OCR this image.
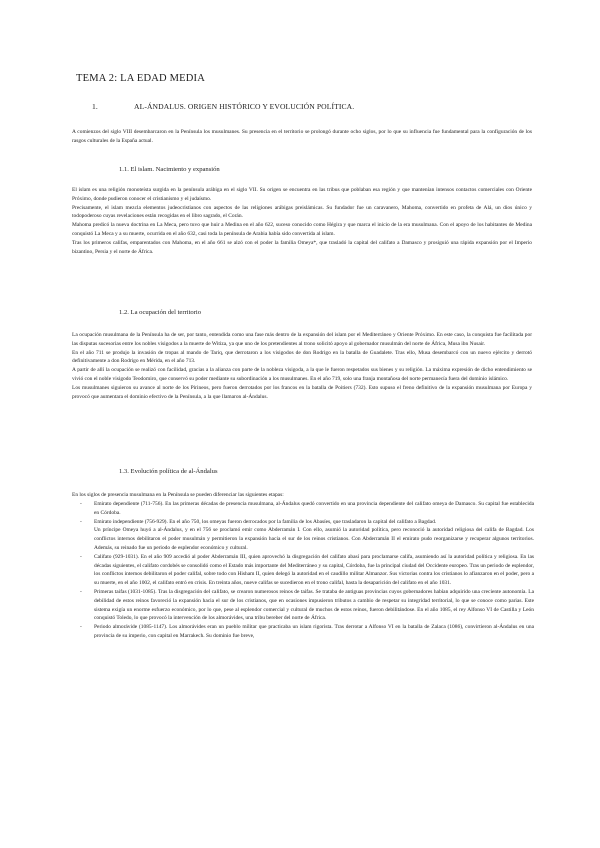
TEMA 2: LA EDAD MEDIA
1.	AL-ÁNDALUS. ORIGEN HISTÓRICO Y EVOLUCIÓN POLÍTICA.

A comienzos del siglo VIII desembarcaron en la Península los musulmanes. Su presencia en el territorio se prolongó durante ocho siglos, por lo que su influencia fue fundamental para la configuración de los rasgos culturales de la España actual.

1.1. El islam. Nacimiento y expansión

El islam es una religión monoteísta surgida en la península arábiga en el siglo VII. Su origen se encuentra en las tribus que poblaban esa región y que mantenían intensos contactos comerciales con Oriente Próximo, donde pudieron conocer el cristianismo y el judaísmo.

Precisamente, el islam mezcla elementos judeocristianos con aspectos de las religiones arábigas preislámicas. Su fundador fue un caravanero, Mahoma, convertido en profeta de Alá, un dios único y todopoderoso cuyas revelaciones están recogidas en el libro sagrado, el Corán.

Mahoma predicó la nueva doctrina en La Meca, pero tuvo que huir a Medina en el año 622, suceso conocido como Hégira y que marca el inicio de la era musulmana. Con el apoyo de los habitantes de Medina conquistó La Meca y a su muerte, ocurrida en el año 632, casi toda la península de Arabia había sido convertida al islam.

Tras los primeros califas, emparentados con Mahoma, en el año 661 se alzó con el poder la familia Omeya*, que trasladó la capital del califato a Damasco y prosiguió una rápida expansión por el Imperio bizantino, Persia y el norte de África.

1.2. La ocupación del territorio

La ocupación musulmana de la Península ha de ser, por tanto, entendida como una fase más dentro de la expansión del islam por el Mediterráneo y Oriente Próximo. En este caso, la conquista fue facilitada por las disputas sucesorias entre los nobles visigodos a la muerte de Witiza, ya que uno de los pretendientes al trono solicitó apoyo al gobernador musulmán del norte de África, Musa ibn Nusair.

En el año 711 se produjo la invasión de tropas al mando de Tariq, que derrotaron a los visigodos de don Rodrigo en la batalla de Guadalete. Tras ello, Musa desembarcó con un nuevo ejército y derrotó definitivamente a don Rodrigo en Mérida, en el año 713.

A partir de allí la ocupación se realizó con facilidad, gracias a la alianza con parte de la nobleza visigoda, a la que le fueron respetados sus bienes y su religión. La máxima expresión de dicho entendimiento se vivió con el noble visigodo Teodomiro, que conservó su poder mediante su subordinación a los musulmanes. En el año 719, solo una franja montañosa del norte permanecía fuera del dominio islámico.

Los musulmanes siguieron su avance al norte de los Pirineos, pero fueron derrotados por los francos en la batalla de Poitiers (732). Esto supuso el freno definitivo de la expansión musulmana por Europa y provocó que aumentara el dominio efectivo de la Península, a la que llamaron al-Ándalus.

1.3. Evolución política de al-Ándalus

En los siglos de presencia musulmana en la Península se pueden diferenciar las siguientes etapas:

- Emirato dependiente (711-756). En las primeras décadas de presencia musulmana, al-Ándalus quedó convertido en una provincia dependiente del califato omeya de Damasco. Su capital fue establecida en Córdoba.

- Emirato independiente (756-929). En el año 750, los omeyas fueron derrocados por la familia de los Abasíes, que trasladaron la capital del califato a Bagdad.

Un príncipe Omeya huyó a al-Ándalus, y en el 756 se proclamó emir como Abderramán I. Con ello, asumió la autoridad política, pero reconoció la autoridad religiosa del califa de Bagdad. Los conflictos internos debilitaron el poder musulmán y permitieron la expansión hacia el sur de los reinos cristianos. Con Abderramán II el emirato pudo reorganizarse y recuperar algunos territorios. Además, su reinado fue un periodo de esplendor económico y cultural.

- Califato (929-1031). En el año 909 accedió al poder Abderramán III, quien aprovechó la disgregación del califato abasí para proclamarse califa, asumiendo así la autoridad política y religiosa. En las décadas siguientes, el califato cordobés se consolidó como el Estado más importante del Mediterráneo y su capital, Córdoba, fue la principal ciudad del Occidente europeo. Tras un periodo de esplendor, los conflictos internos debilitaron el poder califal, sobre todo con Hisham II, quien delegó la autoridad en el caudillo militar Almanzor. Sus victorias contra los cristianos lo afianzaron en el poder, pero a su muerte, en el año 1002, el califato entró en crisis. En treinta años, nueve califas se sucedieron en el trono califal, hasta la desaparición del califato en el año 1031.

- Primeras taifas (1031-1085). Tras la disgregación del califato, se crearon numerosos reinos de taifas. Se trataba de antiguas provincias cuyos gobernadores habían adquirido una creciente autonomía. La debilidad de estos reinos favoreció la expansión hacia el sur de los cristianos, que en ocasiones impusieron tributos a cambio de respetar su integridad territorial, lo que se conoce como parias. Este sistema exigía un enorme esfuerzo económico, por lo que, pese al esplendor comercial y cultural de muchos de estos reinos, fueron debilitándose. En el año 1085, el rey Alfonso VI de Castilla y León conquistó Toledo, lo que provocó la intervención de los almorávides, una tribu bereber del norte de África.

- Periodo almorávide (1085-1147). Los almorávides eran un pueblo militar que practicaba un islam rigorista. Tras derrotar a Alfonso VI en la batalla de Zalaca (1086), convirtieron al-Ándalus en una provincia de su imperio, con capital en Marrakech. Su dominio fue breve,
